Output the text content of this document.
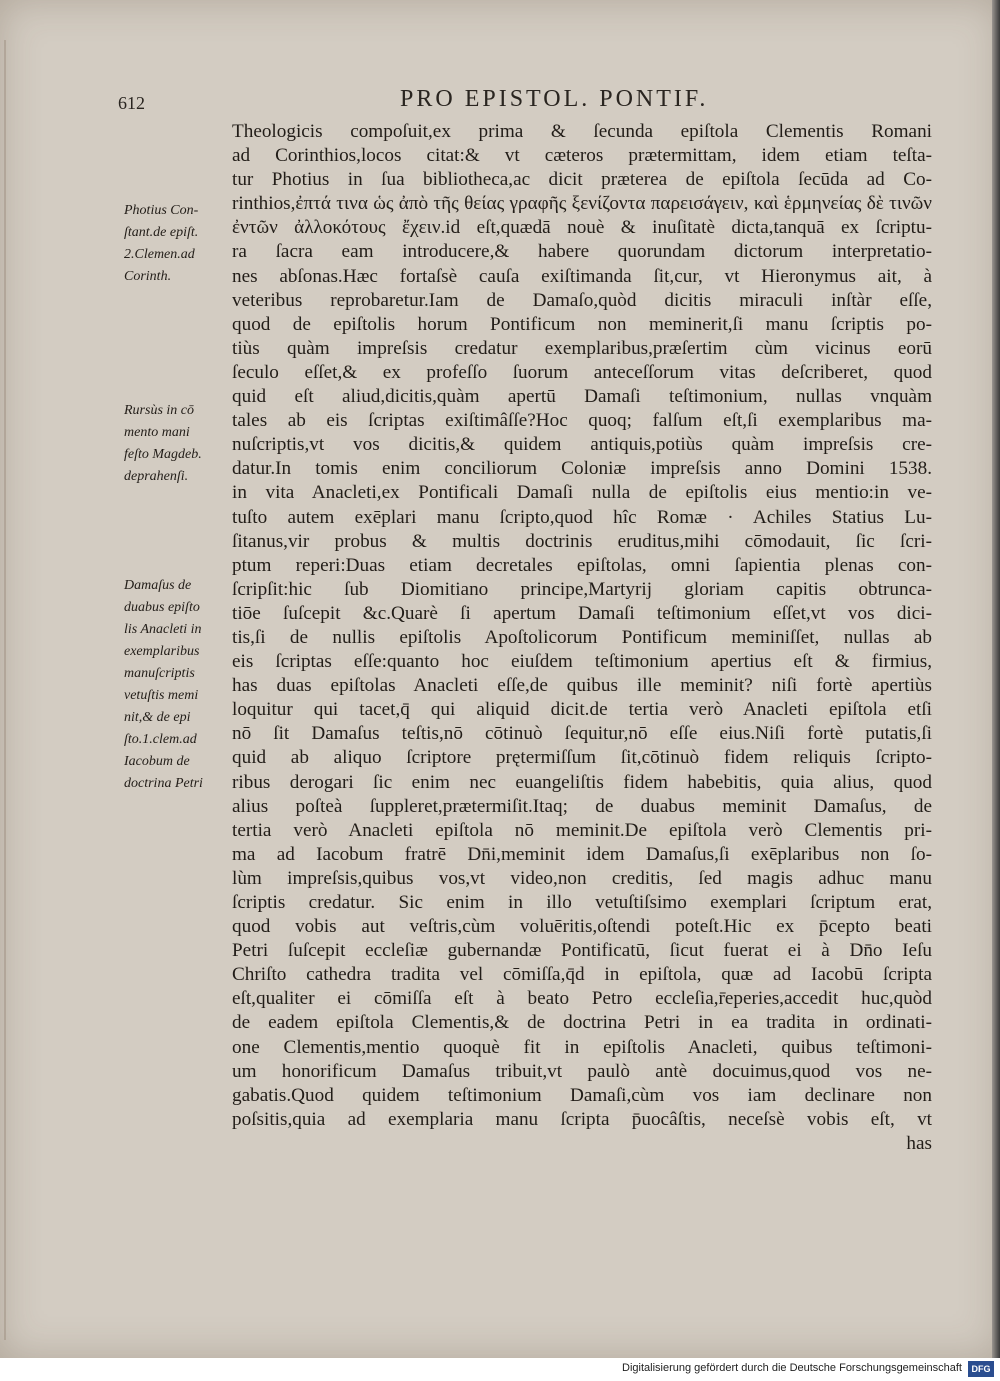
612	PRO EPISTOL. PONTIF.
Photius Con-
ſtant.de epiſt.
2.Clemen.ad
Corinth.
Rursùs in cō
mento mani
feſto Magdeb.
deprahenſi.
Damaſus de
duabus epiſto
lis Anacleti in
exemplaribus
manuſcriptis
vetuſtis memi
nit,& de epi
ſto.1.clem.ad
Iacobum de
doctrina Petri
Theologicis compoſuit,ex prima & ſecunda epiſtola Clementis Romani
ad Corinthios,locos citat:& vt cæteros prætermittam, idem etiam teſta-
tur Photius in ſua bibliotheca,ac dicit præterea de epiſtola ſecūda ad Co-
rinthios,ἐπτά τινα ὡς ἀπὸ τῆς θείας γραφῆς ξενίζοντα παρεισάγειν, καὶ ἑρμηνείας δὲ τινῶν
ἐντῶν ἀλλοκότους ἔχειν.id eſt,quædā nouè & inuſitatè dicta,tanquā ex ſcriptu-
ra ſacra eam introducere,& habere quorundam dictorum interpretatio-
nes abſonas.Hæc fortaſsè cauſa exiſtimanda ſit,cur, vt Hieronymus ait, à
veteribus reprobaretur.Iam de Damaſo,quòd dicitis miraculi inſtàr eſſe,
quod de epiſtolis horum Pontificum non meminerit,ſi manu ſcriptis po-
tiùs quàm impreſsis credatur exemplaribus,præſertim cùm vicinus eorū
ſeculo eſſet,& ex profeſſo ſuorum anteceſſorum vitas deſcriberet, quod
quid eſt aliud,dicitis,quàm apertū Damaſi teſtimonium, nullas vnquàm
tales ab eis ſcriptas exiſtimâſſe?Hoc quoq; falſum eſt,ſi exemplaribus ma-
nuſcriptis,vt vos dicitis,& quidem antiquis,potiùs quàm impreſsis cre-
datur.In tomis enim conciliorum Coloniæ impreſsis anno Domini 1538.
in vita Anacleti,ex Pontificali Damaſi nulla de epiſtolis eius mentio:in ve-
tuſto autem exēplari manu ſcripto,quod hîc Romæ · Achiles Statius Lu-
ſitanus,vir probus & multis doctrinis eruditus,mihi cōmodauit, ſic ſcri-
ptum reperi:Duas etiam decretales epiſtolas, omni ſapientia plenas con-
ſcripſit:hic ſub Diomitiano principe,Martyrij gloriam capitis obtrunca-
tiōe ſuſcepit &c.Quarè ſi apertum Damaſi teſtimonium eſſet,vt vos dici-
tis,ſi de nullis epiſtolis Apoſtolicorum Pontificum meminiſſet, nullas ab
eis ſcriptas eſſe:quanto hoc eiuſdem teſtimonium apertius eſt & firmius,
has duas epiſtolas Anacleti eſſe,de quibus ille meminit? niſi fortè apertiùs
loquitur qui tacet,q̄ qui aliquid dicit.de tertia verò Anacleti epiſtola etſi
nō ſit Damaſus teſtis,nō cōtinuò ſequitur,nō eſſe eius.Niſi fortè putatis,ſi
quid ab aliquo ſcriptore prętermiſſum ſit,cōtinuò fidem reliquis ſcripto-
ribus derogari ſic enim nec euangeliſtis fidem habebitis, quia alius, quod
alius poſteà ſuppleret,prætermiſit.Itaq; de duabus meminit Damaſus, de
tertia verò Anacleti epiſtola nō meminit.De epiſtola verò Clementis pri-
ma ad Iacobum fratrē Dn̄i,meminit idem Damaſus,ſi exēplaribus non ſo-
lùm impreſsis,quibus vos,vt video,non creditis, ſed magis adhuc manu
ſcriptis credatur. Sic enim in illo vetuſtiſsimo exemplari ſcriptum erat,
quod vobis aut veſtris,cùm voluēritis,oſtendi poteſt.Hic ex p̄cepto beati
Petri ſuſcepit eccleſiæ gubernandæ Pontificatū, ſicut fuerat ei à Dn̄o Ieſu
Chriſto cathedra tradita vel cōmiſſa,q̄d in epiſtola, quæ ad Iacobū ſcripta
eſt,qualiter ei cōmiſſa eſt à beato Petro eccleſia,r̄eperies,accedit huc,quòd
de eadem epiſtola Clementis,& de doctrina Petri in ea tradita in ordinati-
one Clementis,mentio quoquè fit in epiſtolis Anacleti, quibus teſtimoni-
um honorificum Damaſus tribuit,vt paulò antè docuimus,quod vos ne-
gabatis.Quod quidem teſtimonium Damaſi,cùm vos iam declinare non
poſsitis,quia ad exemplaria manu ſcripta p̄uocâſtis, neceſsè vobis eſt, vt
has
Digitalisierung gefördert durch die Deutsche Forschungsgemeinschaft	DFG
